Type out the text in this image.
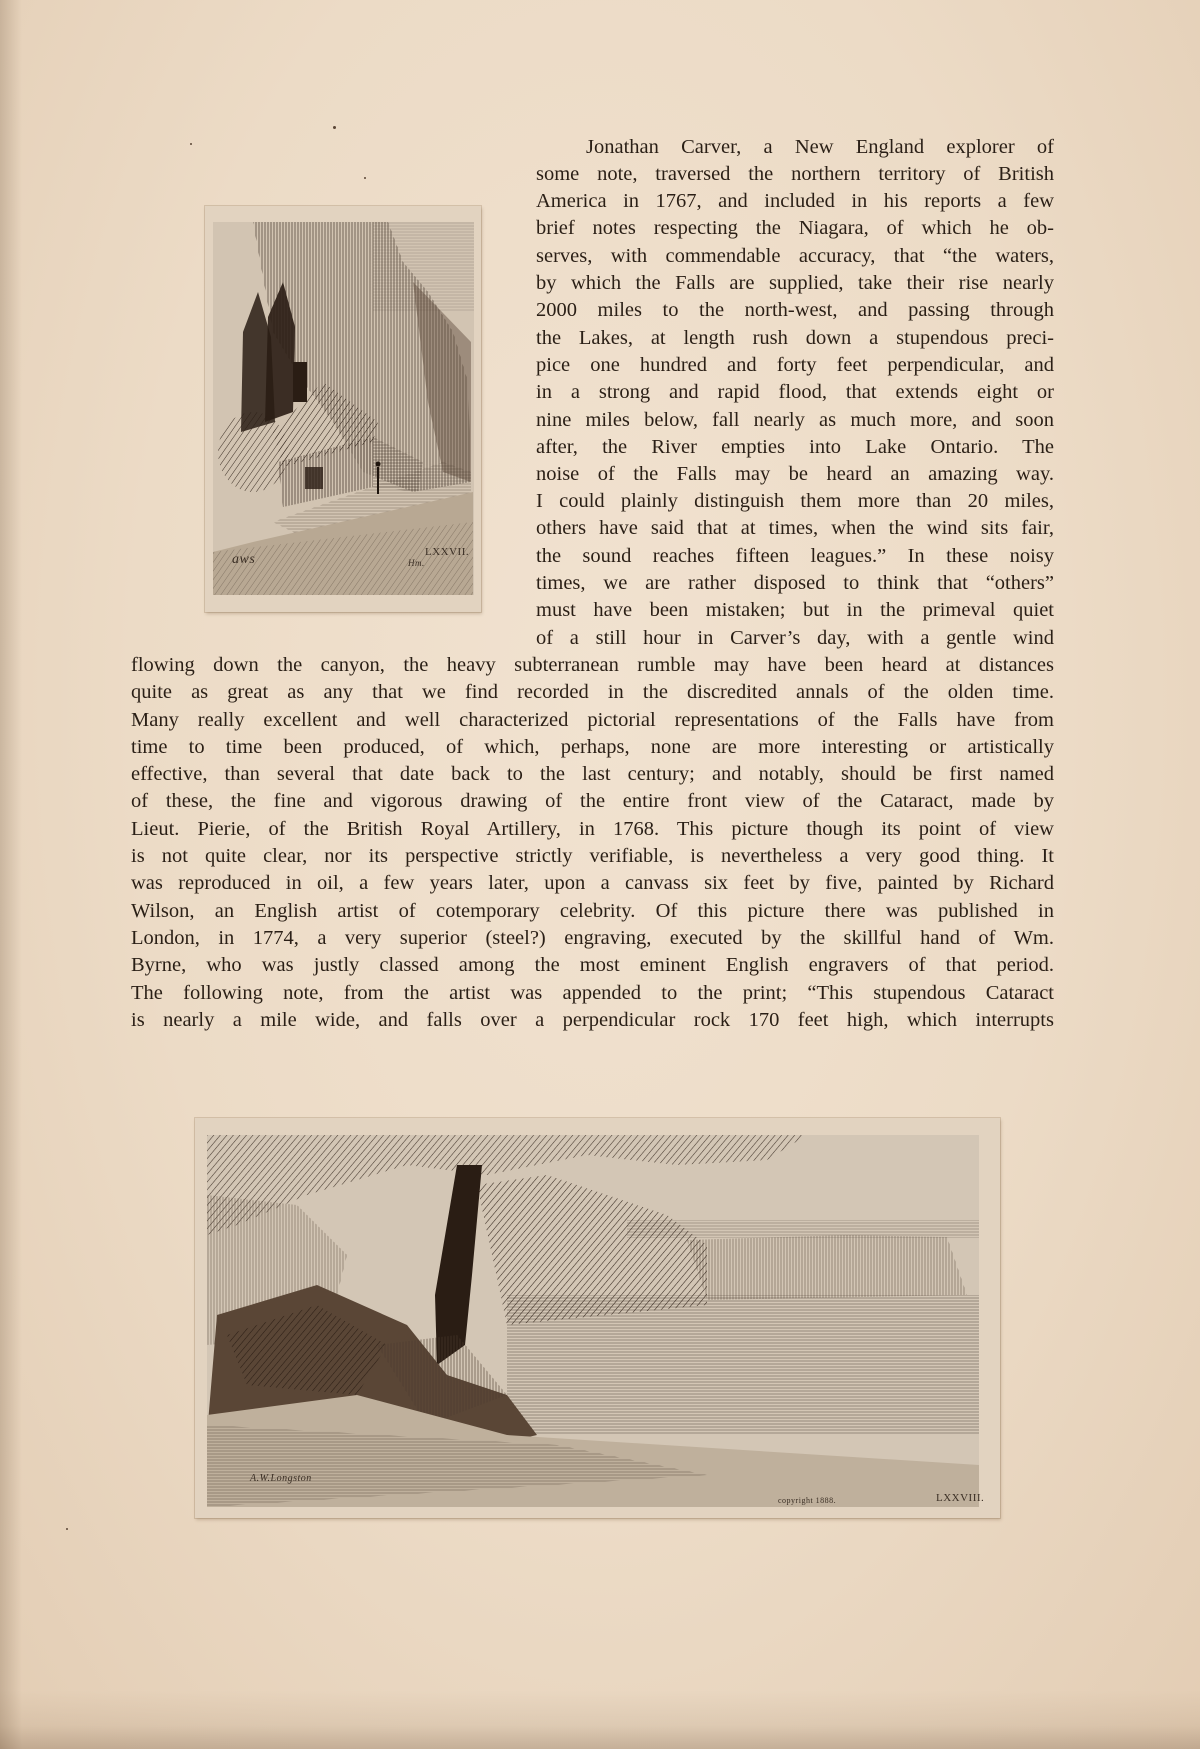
aws	LXXVII.
Hm.
Jonathan Carver, a New England explorer of
some note, traversed the northern territory of British
America in 1767, and included in his reports a few
brief notes respecting the Niagara, of which he ob-
serves, with commendable accuracy, that “the waters,
by which the Falls are supplied, take their rise nearly
2000 miles to the north-west, and passing through
the Lakes, at length rush down a stupendous preci-
pice one hundred and forty feet perpendicular, and
in a strong and rapid flood, that extends eight or
nine miles below, fall nearly as much more, and soon
after, the River empties into Lake Ontario. The
noise of the Falls may be heard an amazing way.
I could plainly distinguish them more than 20 miles,
others have said that at times, when the wind sits fair,
the sound reaches fifteen leagues.” In these noisy
times, we are rather disposed to think that “others”
must have been mistaken; but in the primeval quiet
of a still hour in Carver’s day, with a gentle wind
flowing down the canyon, the heavy subterranean rumble may have been heard at distances
quite as great as any that we find recorded in the discredited annals of the olden time.
Many really excellent and well characterized pictorial representations of the Falls have from
time to time been produced, of which, perhaps, none are more interesting or artistically
effective, than several that date back to the last century; and notably, should be first named
of these, the fine and vigorous drawing of the entire front view of the Cataract, made by
Lieut. Pierie, of the British Royal Artillery, in 1768. This picture though its point of view
is not quite clear, nor its perspective strictly verifiable, is nevertheless a very good thing. It
was reproduced in oil, a few years later, upon a canvass six feet by five, painted by Richard
Wilson, an English artist of cotemporary celebrity. Of this picture there was published in
London, in 1774, a very superior (steel?) engraving, executed by the skillful hand of Wm.
Byrne, who was justly classed among the most eminent English engravers of that period.
The following note, from the artist was appended to the print; “This stupendous Cataract
is nearly a mile wide, and falls over a perpendicular rock 170 feet high, which interrupts
A.W.Longston
copyright 1888.	LXXVIII.
